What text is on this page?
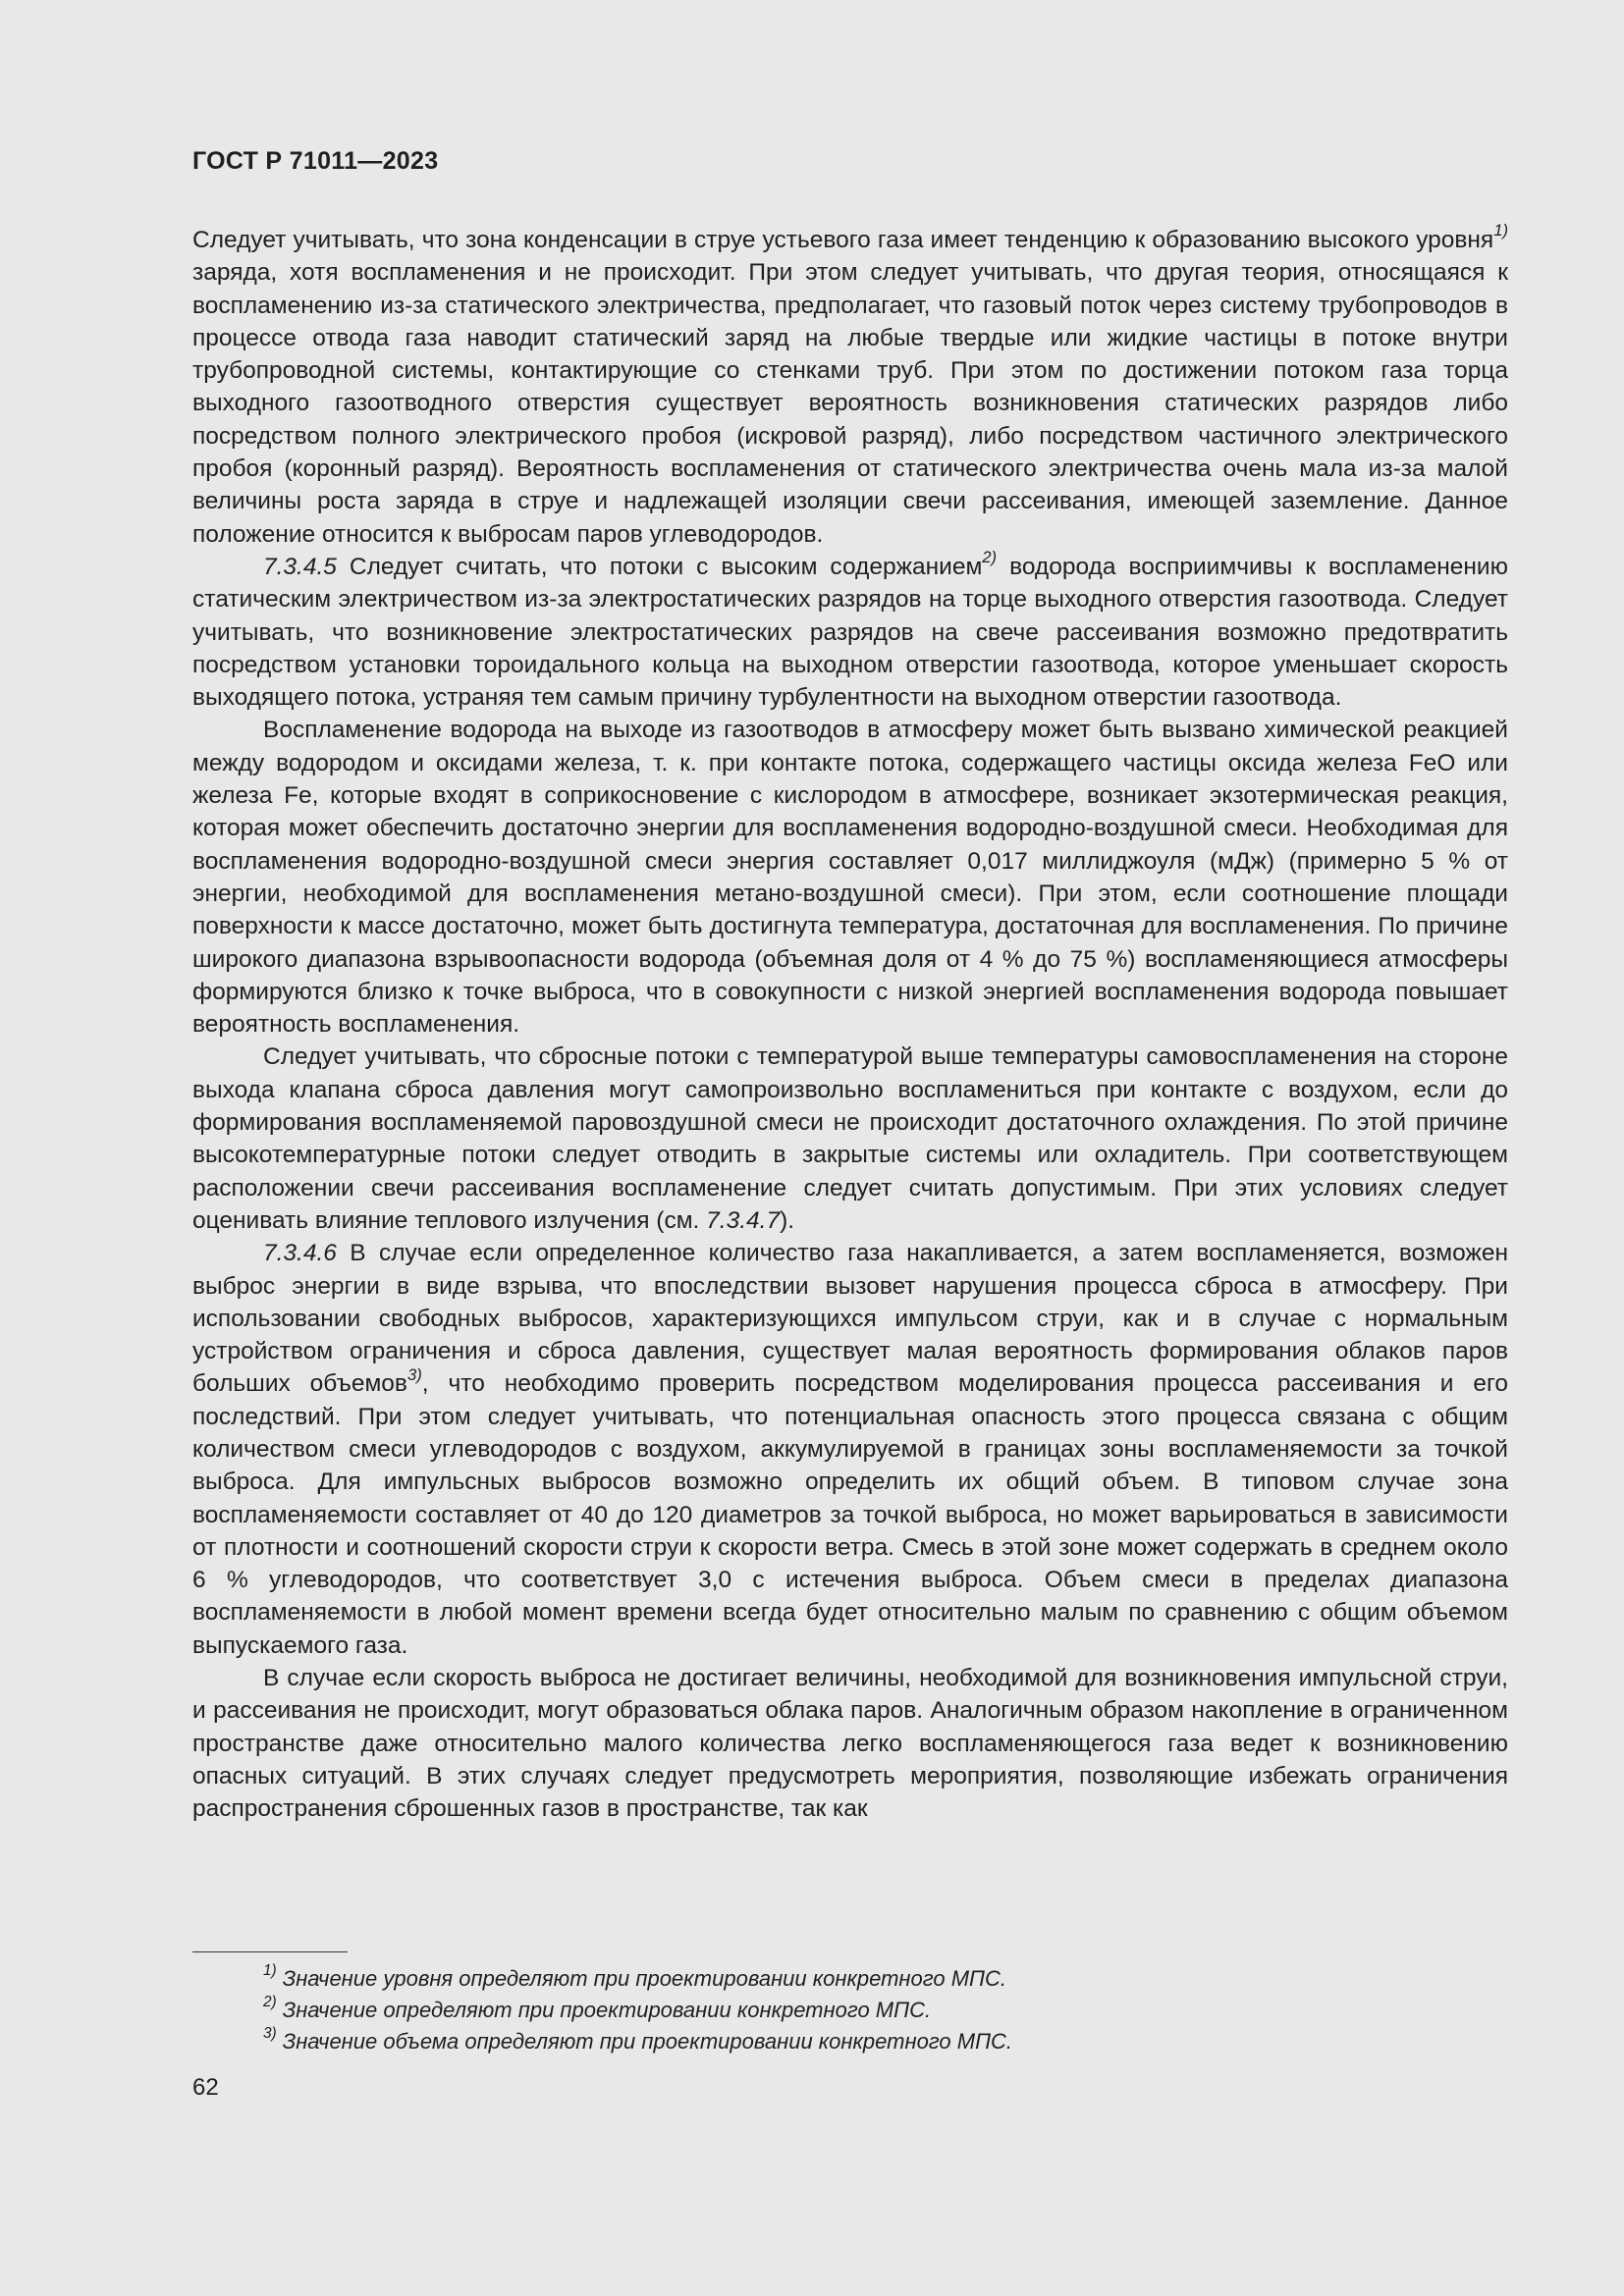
ГОСТ Р 71011—2023

Следует учитывать, что зона конденсации в струе устьевого газа имеет тенденцию к образованию высокого уровня$^{1)}$ заряда, хотя воспламенения и не происходит. При этом следует учитывать, что другая теория, относящаяся к воспламенению из-за статического электричества, предполагает, что газовый поток через систему трубопроводов в процессе отвода газа наводит статический заряд на любые твердые или жидкие частицы в потоке внутри трубопроводной системы, контактирующие со стенками труб. При этом по достижении потоком газа торца выходного газоотводного отверстия существует вероятность возникновения статических разрядов либо посредством полного электрического пробоя (искровой разряд), либо посредством частичного электрического пробоя (коронный разряд). Вероятность воспламенения от статического электричества очень мала из-за малой величины роста заряда в струе и надлежащей изоляции свечи рассеивания, имеющей заземление. Данное положение относится к выбросам паров углеводородов.

7.3.4.5 Следует считать, что потоки с высоким содержанием$^{2)}$ водорода восприимчивы к воспламенению статическим электричеством из-за электростатических разрядов на торце выходного отверстия газоотвода. Следует учитывать, что возникновение электростатических разрядов на свече рассеивания возможно предотвратить посредством установки тороидального кольца на выходном отверстии газоотвода, которое уменьшает скорость выходящего потока, устраняя тем самым причину турбулентности на выходном отверстии газоотвода.

Воспламенение водорода на выходе из газоотводов в атмосферу может быть вызвано химической реакцией между водородом и оксидами железа, т. к. при контакте потока, содержащего частицы оксида железа FeO или железа Fe, которые входят в соприкосновение с кислородом в атмосфере, возникает экзотермическая реакция, которая может обеспечить достаточно энергии для воспламенения водородно-воздушной смеси. Необходимая для воспламенения водородно-воздушной смеси энергия составляет 0,017 миллиджоуля (мДж) (примерно 5 % от энергии, необходимой для воспламенения метано-воздушной смеси). При этом, если соотношение площади поверхности к массе достаточно, может быть достигнута температура, достаточная для воспламенения. По причине широкого диапазона взрывоопасности водорода (объемная доля от 4 % до 75 %) воспламеняющиеся атмосферы формируются близко к точке выброса, что в совокупности с низкой энергией воспламенения водорода повышает вероятность воспламенения.

Следует учитывать, что сбросные потоки с температурой выше температуры самовоспламенения на стороне выхода клапана сброса давления могут самопроизвольно воспламениться при контакте с воздухом, если до формирования воспламеняемой паровоздушной смеси не происходит достаточного охлаждения. По этой причине высокотемпературные потоки следует отводить в закрытые системы или охладитель. При соответствующем расположении свечи рассеивания воспламенение следует считать допустимым. При этих условиях следует оценивать влияние теплового излучения (см. 7.3.4.7).

7.3.4.6 В случае если определенное количество газа накапливается, а затем воспламеняется, возможен выброс энергии в виде взрыва, что впоследствии вызовет нарушения процесса сброса в атмосферу. При использовании свободных выбросов, характеризующихся импульсом струи, как и в случае с нормальным устройством ограничения и сброса давления, существует малая вероятность формирования облаков паров больших объемов$^{3)}$, что необходимо проверить посредством моделирования процесса рассеивания и его последствий. При этом следует учитывать, что потенциальная опасность этого процесса связана с общим количеством смеси углеводородов с воздухом, аккумулируемой в границах зоны воспламеняемости за точкой выброса. Для импульсных выбросов возможно определить их общий объем. В типовом случае зона воспламеняемости составляет от 40 до 120 диаметров за точкой выброса, но может варьироваться в зависимости от плотности и соотношений скорости струи к скорости ветра. Смесь в этой зоне может содержать в среднем около 6 % углеводородов, что соответствует 3,0 с истечения выброса. Объем смеси в пределах диапазона воспламеняемости в любой момент времени всегда будет относительно малым по сравнению с общим объемом выпускаемого газа.

В случае если скорость выброса не достигает величины, необходимой для возникновения импульсной струи, и рассеивания не происходит, могут образоваться облака паров. Аналогичным образом накопление в ограниченном пространстве даже относительно малого количества легко воспламеняющегося газа ведет к возникновению опасных ситуаций. В этих случаях следует предусмотреть мероприятия, позволяющие избежать ограничения распространения сброшенных газов в пространстве, так как

$^{1)}$ Значение уровня определяют при проектировании конкретного МПС.

$^{2)}$ Значение определяют при проектировании конкретного МПС.

$^{3)}$ Значение объема определяют при проектировании конкретного МПС.

62
